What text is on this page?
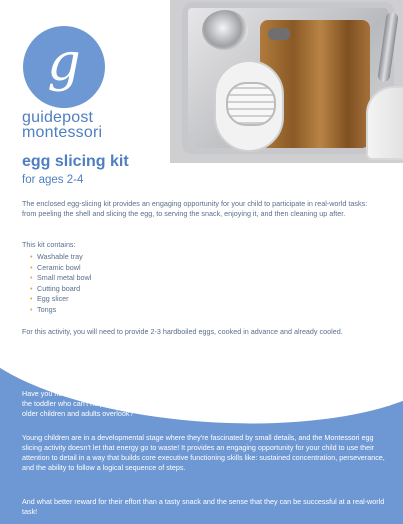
g
guidepost
montessori
egg slicing kit
for ages 2-4
The enclosed egg-slicing kit provides an engaging opportunity for your child to participate in real-world tasks: from peeling the shell and slicing the egg, to serving the snack, enjoying it, and then cleaning up after.
This kit contains:
• Washable tray
• Ceramic bowl
• Small metal bowl
• Cutting board
• Egg slicer
• Tongs
For this activity, you will need to provide 2-3 hardboiled eggs, cooked in advance and already cooled.
why an egg slicing kit?
Have you noticed how it's always the baby who finds the tiny crumb on the floor and wants to pick it up? Or how it's the toddler who can't help but pause on your walk to notice the trail of ants or speckly pebble on the sidewalk—what older children and adults overlook?
Young children are in a developmental stage where they're fascinated by small details, and the Montessori egg slicing activity doesn't let that energy go to waste! It provides an engaging opportunity for your child to use their attention to detail in a way that builds core executive functioning skills like: sustained concentration, perseverance, and the ability to follow a logical sequence of steps.
And what better reward for their effort than a tasty snack and the sense that they can be successful at a real-world task!
